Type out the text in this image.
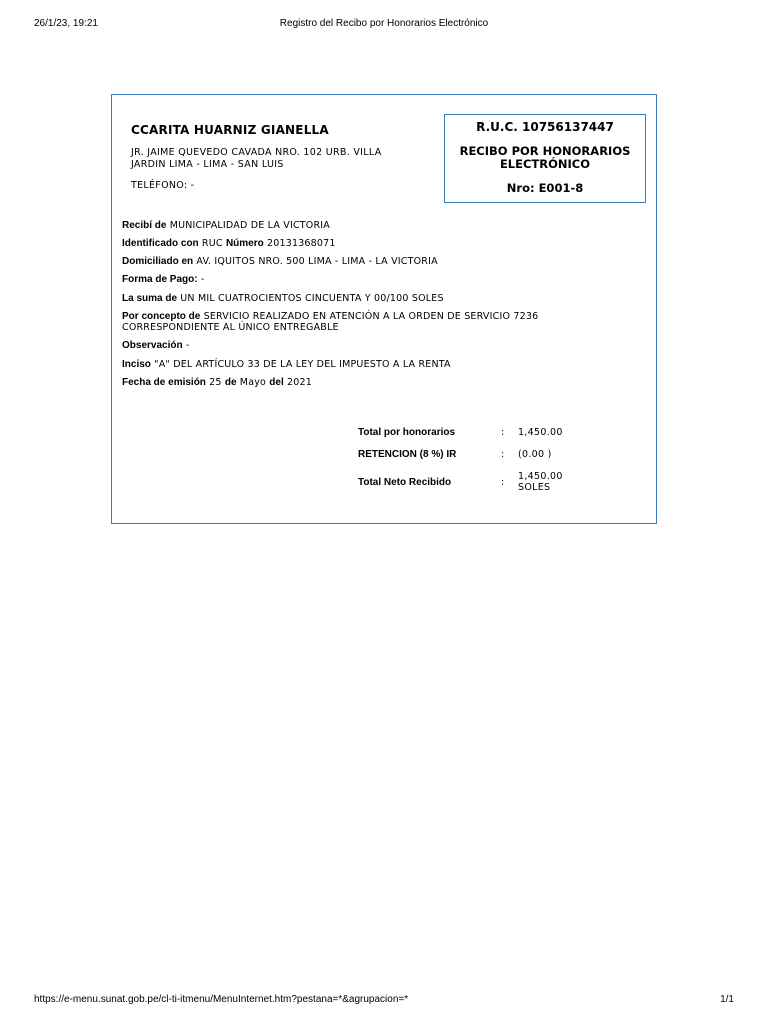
26/1/23, 19:21	Registro del Recibo por Honorarios Electrónico
CCARITA HUARNIZ GIANELLA
JR. JAIME QUEVEDO CAVADA NRO. 102 URB. VILLA
JARDIN LIMA - LIMA - SAN LUIS
TELÉFONO: -
R.U.C. 10756137447
RECIBO POR HONORARIOS
ELECTRÓNICO
Nro: E001-8
Recibí de MUNICIPALIDAD DE LA VICTORIA
Identificado con RUC Número 20131368071
Domiciliado en AV. IQUITOS NRO. 500 LIMA - LIMA - LA VICTORIA
Forma de Pago: -
La suma de UN MIL CUATROCIENTOS CINCUENTA Y 00/100 SOLES
Por concepto de SERVICIO REALIZADO EN ATENCIÓN A LA ORDEN DE SERVICIO 7236
CORRESPONDIENTE AL ÚNICO ENTREGABLE
Observación -
Inciso "A" DEL ARTÍCULO 33 DE LA LEY DEL IMPUESTO A LA RENTA
Fecha de emisión 25 de Mayo del 2021
Total por honorarios	: 1,450.00
RETENCION (8 %) IR	: (0.00 )
Total Neto Recibido	:
1,450.00
SOLES
https://e-menu.sunat.gob.pe/cl-ti-itmenu/MenuInternet.htm?pestana=*&agrupacion=*	1/1
